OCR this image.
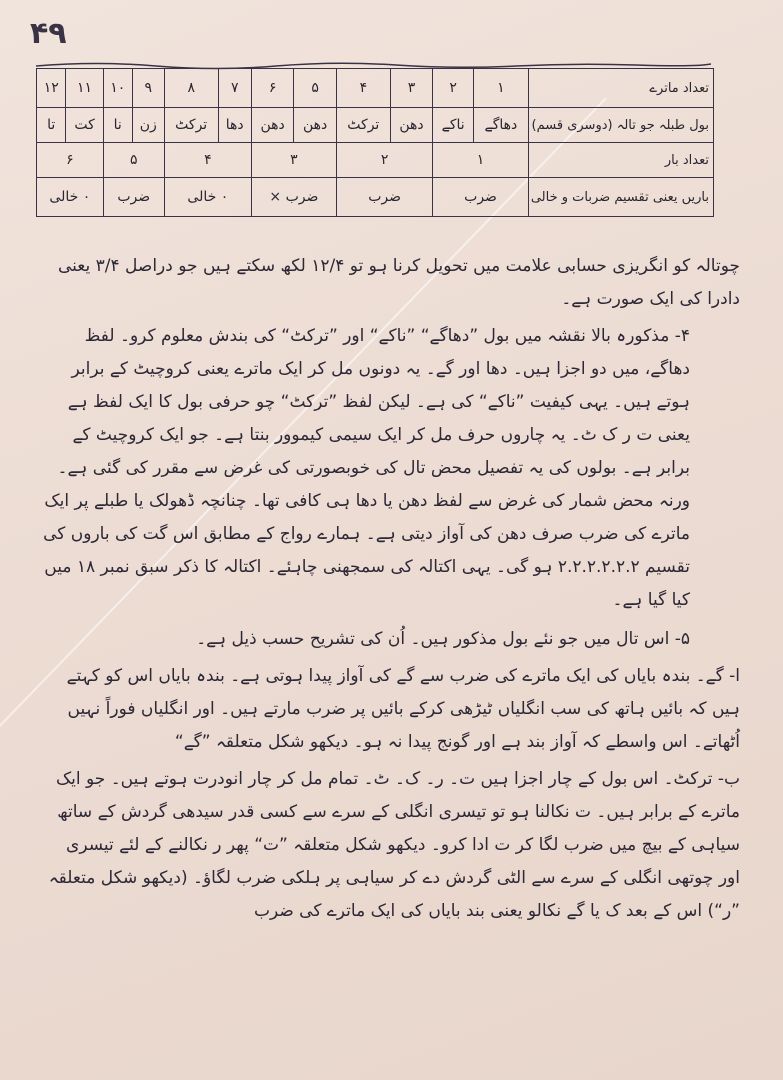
۴۹
تعداد ماترے	۱	۲	۳	۴	۵	۶	۷	۸	۹	۱۰	۱۱	۱۲
بول طبلہ جو تالہ (دوسری قسم)	دھاگے	ناکے	دھن	ترکٹ	دھن	دھن	دھا	ترکٹ	زن	نا	کت	تا
تعداد بار	۱		۲		۳		۴		۵		۶	
باریں یعنی تقسیم ضربات و خالی	ضرب		ضرب		ضرب ×		۰ خالی		ضرب		۰ خالی	

چوتالہ کو انگریزی حسابی علامت میں تحویل کرنا ہو تو ۱۲/۴ لکھ سکتے ہیں جو دراصل ۳/۴ یعنی دادرا کی ایک صورت ہے۔

۴- مذکورہ بالا نقشہ میں بول ”دھاگے“ ”ناکے“ اور ”ترکٹ“ کی بندش معلوم کرو۔ لفظ دھاگے، میں دو اجزا ہیں۔ دھا اور گے۔ یہ دونوں مل کر ایک ماترے یعنی کروچیٹ کے برابر ہوتے ہیں۔ یہی کیفیت ”ناکے“ کی ہے۔ لیکن لفظ ”ترکٹ“ چو حرفی بول کا ایک لفظ ہے یعنی ت ر ک ٹ۔ یہ چاروں حرف مل کر ایک سیمی کیموور بنتا ہے۔ جو ایک کروچیٹ کے برابر ہے۔ بولوں کی یہ تفصیل محض تال کی خوبصورتی کی غرض سے مقرر کی گئی ہے۔ ورنہ محض شمار کی غرض سے لفظ دھن یا دھا ہی کافی تھا۔ چنانچہ ڈھولک یا طبلے پر ایک ماترے کی ضرب صرف دھن کی آواز دیتی ہے۔ ہمارے رواج کے مطابق اس گت کی باروں کی تقسیم ۲.۲.۲.۲.۲.۲ ہو گی۔ یہی اکتالہ کی سمجھنی چاہئے۔ اکتالہ کا ذکر سبق نمبر ۱۸ میں کیا گیا ہے۔

۵- اس تال میں جو نئے بول مذکور ہیں۔ اُن کی تشریح حسب ذیل ہے۔

ا- گے۔ بندہ بایاں کی ایک ماترے کی ضرب سے گے کی آواز پیدا ہوتی ہے۔ بندہ بایاں اس کو کہتے ہیں کہ بائیں ہاتھ کی سب انگلیاں ٹیڑھی کرکے بائیں پر ضرب مارتے ہیں۔ اور انگلیاں فوراً نہیں اُٹھاتے۔ اس واسطے کہ آواز بند ہے اور گونج پیدا نہ ہو۔ دیکھو شکل متعلقہ ”گے“

ب- ترکٹ۔ اس بول کے چار اجزا ہیں ت۔ ر۔ ک۔ ٹ۔ تمام مل کر چار انودرت ہوتے ہیں۔ جو ایک ماترے کے برابر ہیں۔ ت نکالنا ہو تو تیسری انگلی کے سرے سے کسی قدر سیدھی گردش کے ساتھ سیاہی کے بیچ میں ضرب لگا کر ت ادا کرو۔ دیکھو شکل متعلقہ ”ت“ پھر ر نکالنے کے لئے تیسری اور چوتھی انگلی کے سرے سے الٹی گردش دے کر سیاہی پر ہلکی ضرب لگاؤ۔ (دیکھو شکل متعلقہ ”ر“) اس کے بعد ک یا گے نکالو یعنی بند بایاں کی ایک ماترے کی ضرب
